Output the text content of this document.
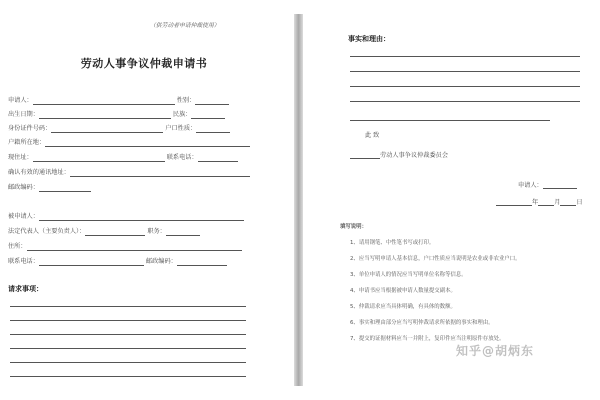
（供劳动者申请仲裁使用）
劳动人事争议仲裁申请书
申请人：	性别：
出生日期：	民族：
身份证件号码：	户口性质：
户籍所在地：
现住址：	联系电话：
确认有效的通讯地址：
邮政编码：
被申请人：
法定代表人（主要负责人）：	职务：
住所：
联系电话：	邮政编码：
请求事项：
事实和理由：
此 致
劳动人事争议仲裁委员会
申请人：
年	月	日
填写说明：
1、请用钢笔、中性笔书写或打印。
2、应当写明申请人基本信息，户口性质应当说明是农业或非农业户口。
3、单位申请人的情况应当写明单位名称等信息。
4、申请书应当根据被申请人数量提交副本。
5、仲裁请求应当具体明确，有具体的数额。
6、事实和理由部分应当写明仲裁请求所依据的事实和理由。
7、提交的证据材料应当一并附上，复印件应当注明原件存放处。
知乎@胡炳东
